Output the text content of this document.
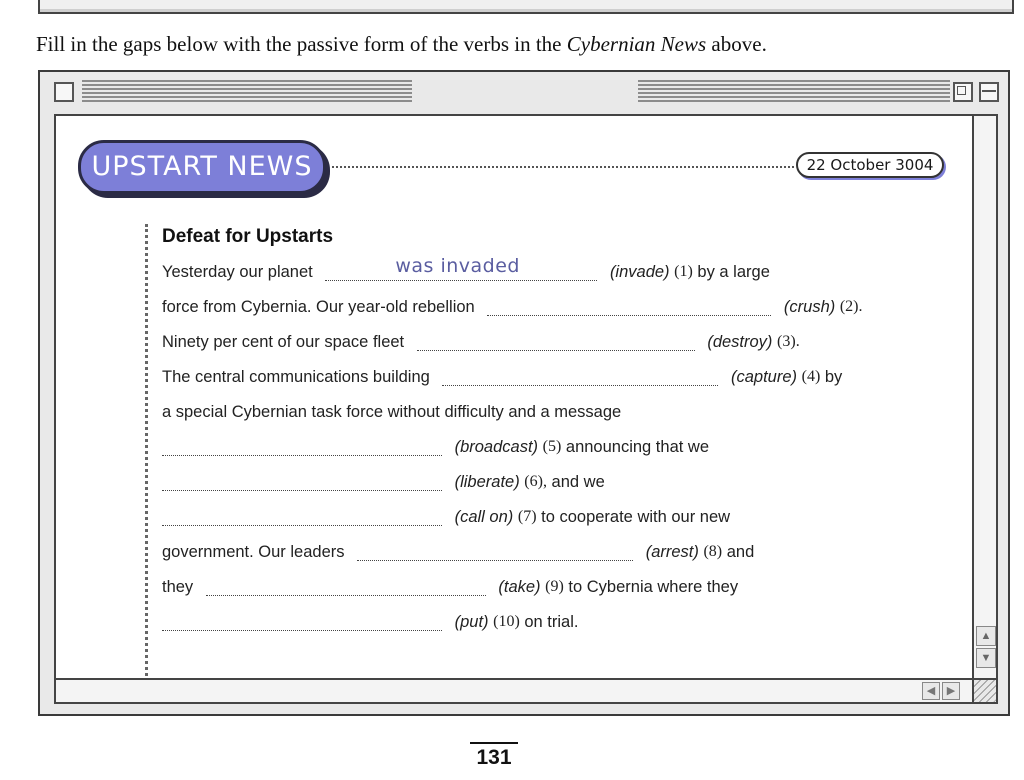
Fill in the gaps below with the passive form of the verbs in the Cybernian News above.
UPSTART NEWS	22 October 3004
Defeat for Upstarts
Yesterday our planet	was invaded	(invade) (1) by a large
force from Cybernia. Our year-old rebellion	(crush) (2).
Ninety per cent of our space fleet	(destroy) (3).
The central communications building	(capture) (4) by
a special Cybernian task force without difficulty and a message
(broadcast) (5) announcing that we
(liberate) (6), and we
(call on) (7) to cooperate with our new
government. Our leaders	(arrest) (8) and
they	(take) (9) to Cybernia where they
(put) (10) on trial.
▲
▼
◀	▶
131
